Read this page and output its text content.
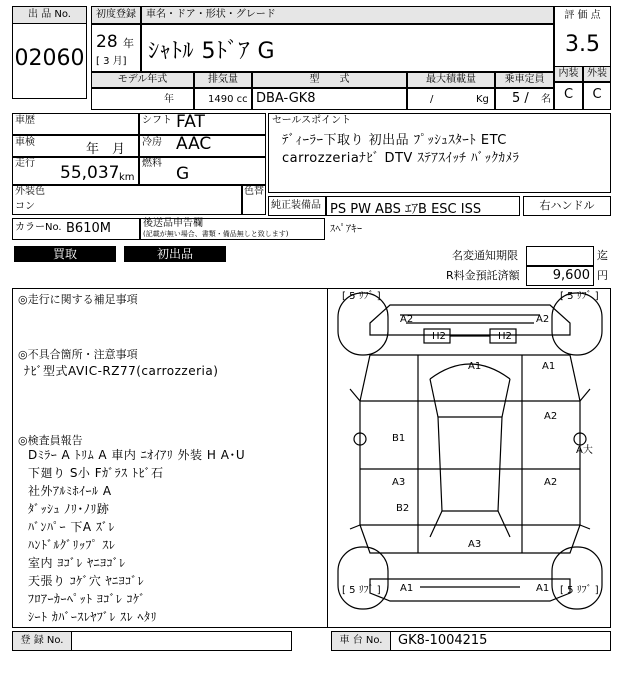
出 品 No.
02060
初度登録	車名・ドア・形状・グレード
28 年
[ 3 月] ｼｬﾄﾙ 5ﾄﾞｱ G
モデル年式	排気量	型　　式	最大積載量	乗車定員
年	1490 cc DBA-GK8	/	Kg 5 / 名
評 価 点
3.5
内装 外装
C	C
車歴	シフト FAT
車検	年　月 冷房 AAC
走行 55,037 km
燃料
G
外装色
コン
色替
カラーNo. B610M	後送品申告欄
(記載が無い場合、書類・備品無しと致します)
セールスポイント
ﾃﾞｨｰﾗｰ下取り 初出品 ﾌﾟｯｼｭｽﾀｰﾄ ETC
carrozzeriaﾅﾋﾞ DTV ｽﾃｱｽｲｯﾁ ﾊﾞｯｸｶﾒﾗ
純正装備品 PS PW ABS ｴｱB ESC ISS	右ハンドル
ｽﾍﾟｱｷｰ
買取	初出品	名変通知期限	迄
R料金預託済額	9,600 円
◎走行に関する補足事項
◎不具合箇所・注意事項
ﾅﾋﾞ型式AVIC-RZ77(carrozzeria)
◎検査員報告
Dﾐﾗｰ A ﾄﾘﾑ A 車内 ﾆｵｲｱﾘ 外装 H A･U
下廻り S小 Fｶﾞﾗｽ ﾄﾋﾞ石
社外ｱﾙﾐﾎｲｰﾙ A
ﾀﾞｯｼｭ ﾉﾘ･ﾉﾘ跡
ﾊﾞﾝﾊﾟｰ 下A ｽﾞﾚ
ﾊﾝﾄﾞﾙｸﾞﾘｯﾌﾟ ｽﾚ
室内 ﾖｺﾞﾚ ﾔﾆﾖｺﾞﾚ
天張り ｺｹﾞ穴 ﾔﾆﾖｺﾞﾚ
ﾌﾛｱｰｶｰﾍﾟｯﾄ ﾖｺﾞﾚ ｺｹﾞ
ｼｰﾄ ｶﾊﾞｰｽﾚﾔﾌﾞﾚ ｽﾚ ﾍﾀﾘ
[ 5 ﾘﾌﾞ ]	[ 5 ﾘﾌﾞ ]
[ 5 ﾘﾌﾞ ]	[ 5 ﾘﾌﾞ ]
A2	A2
H2	H2
A1	A1
A2
B1
A大
A3	A2
B2
A3
A1	A1
登 録 No.	車 台 No.	GK8-1004215
